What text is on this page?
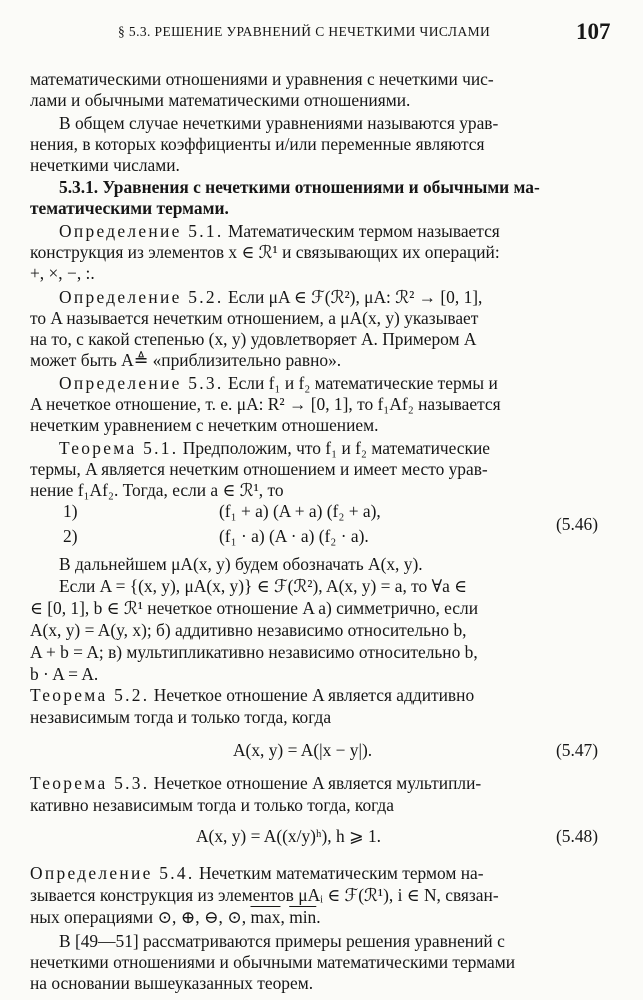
§ 5.3. РЕШЕНИЕ УРАВНЕНИЙ С НЕЧЕТКИМИ ЧИСЛАМИ	107
математическими отношениями и уравнения с нечеткими чис-
лами и обычными математическими отношениями.
В общем случае нечеткими уравнениями называются урав-
нения, в которых коэффициенты и/или переменные являются
нечеткими числами.
5.3.1. Уравнения с нечеткими отношениями и обычными ма-
тематическими термами.
Определение 5.1. Математическим термом называется
конструкция из элементов x ∈ ℛ¹ и связывающих их операций:
+, ×, −, :.
Определение 5.2. Если μA ∈ ℱ(ℛ²), μA: ℛ² → [0, 1],
то A называется нечетким отношением, а μA(x, y) указывает
на то, с какой степенью (x, y) удовлетворяет A. Примером A
может быть A≜ «приблизительно равно».
Определение 5.3. Если f₁ и f₂ математические термы и
A нечеткое отношение, т. е. μA: R² → [0, 1], то f₁Af₂ называется
нечетким уравнением с нечетким отношением.
Теорема 5.1. Предположим, что f₁ и f₂ математические
термы, A является нечетким отношением и имеет место урав-
нение f₁Af₂. Тогда, если a ∈ ℛ¹, то
1)	(f₁ + a) (A + a) (f₂ + a),
2)	(f₁ · a) (A · a) (f₂ · a).
(5.46)
В дальнейшем μA(x, y) будем обозначать A(x, y).
Если A = {(x, y), μA(x, y)} ∈ ℱ(ℛ²), A(x, y) = a, то ∀a ∈
∈ [0, 1], b ∈ ℛ¹ нечеткое отношение A а) симметрично, если
A(x, y) = A(y, x); б) аддитивно независимо относительно b,
A + b = A; в) мультипликативно независимо относительно b,
b · A = A.
Теорема 5.2. Нечеткое отношение A является аддитивно
независимым тогда и только тогда, когда
A(x, y) = A(|x − y|).	(5.47)
Теорема 5.3. Нечеткое отношение A является мультипли-
кативно независимым тогда и только тогда, когда
A(x, y) = A((x/y)ʰ), h ⩾ 1.	(5.48)
Определение 5.4. Нечетким математическим термом на-
зывается конструкция из элементов μAᵢ ∈ ℱ(ℛ¹), i ∈ N, связан-
ных операциями ⊙, ⊕, ⊖, ⊙, $\overline{max}$, $\overline{min}$.
В [49—51] рассматриваются примеры решения уравнений с
нечеткими отношениями и обычными математическими термами
на основании вышеуказанных теорем.
